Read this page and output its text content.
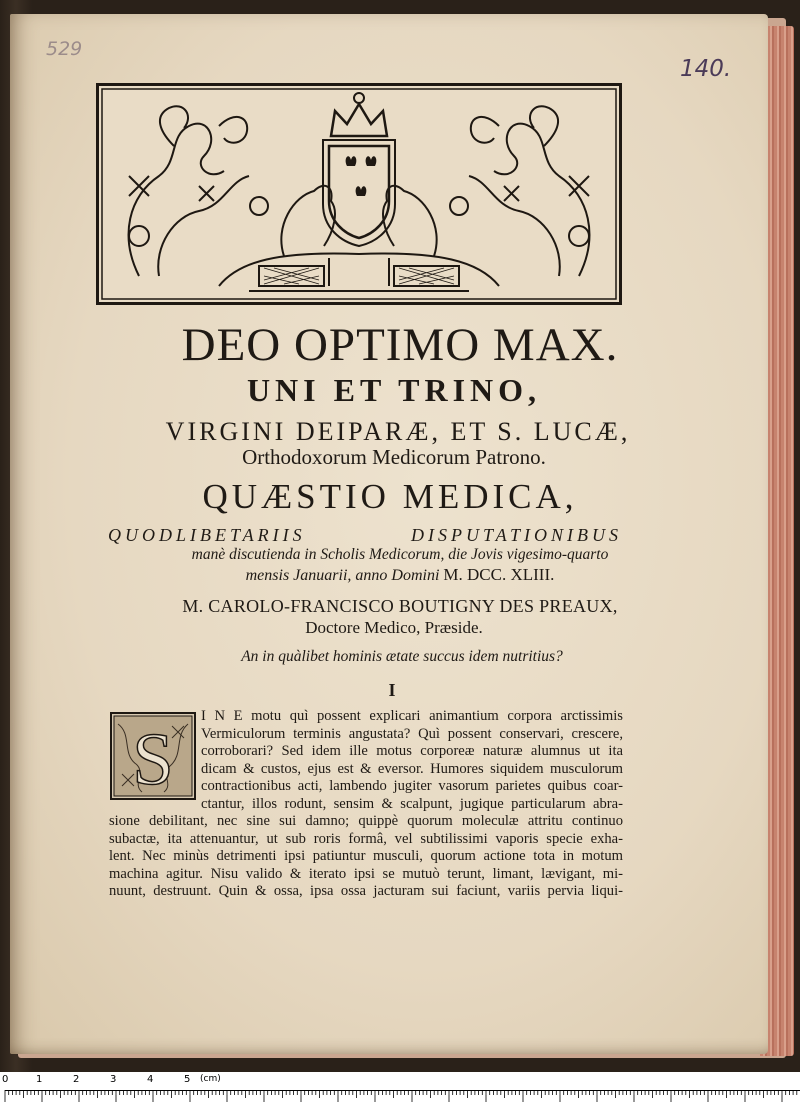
529
140.
DEO OPTIMO MAX.
UNI ET TRINO,
VIRGINI DEIPARÆ, ET S. LUCÆ,
Orthodoxorum Medicorum Patrono.
QUÆSTIO MEDICA,
QUODLIBETARIIS DISPUTATIONIBUS
manè discutienda in Scholis Medicorum, die Jovis vigesimo-quarto
mensis Januarii, anno Domini M. DCC. XLIII.
M. CAROLO-FRANCISCO BOUTIGNY DES PREAUX,
Doctore Medico, Præside.
An in quàlibet hominis ætate succus idem nutritius?
I
S
I N E motu quì possent explicari animantium corpora arctissimis
Vermiculorum terminis angustata? Quì possent conservari, crescere,
corroborari? Sed idem ille motus corporeæ naturæ alumnus ut ita
dicam & custos, ejus est & eversor. Humores siquidem musculorum
contractionibus acti, lambendo jugiter vasorum parietes quibus coar-
ctantur, illos rodunt, sensim & scalpunt, jugique particularum abra-
sione debilitant, nec sine sui damno; quippè quorum moleculæ attritu continuo
subactæ, ita attenuantur, ut sub roris formâ, vel subtilissimi vaporis specie exha-
lent. Nec minùs detrimenti ipsi patiuntur musculi, quorum actione tota in motum
machina agitur. Nisu valido & iterato ipsi se mutuò terunt, limant, lævigant, mi-
nuunt, destruunt. Quin & ossa, ipsa ossa jacturam sui faciunt, variis pervia liqui-
0	1	2	3	4	5 (cm)
